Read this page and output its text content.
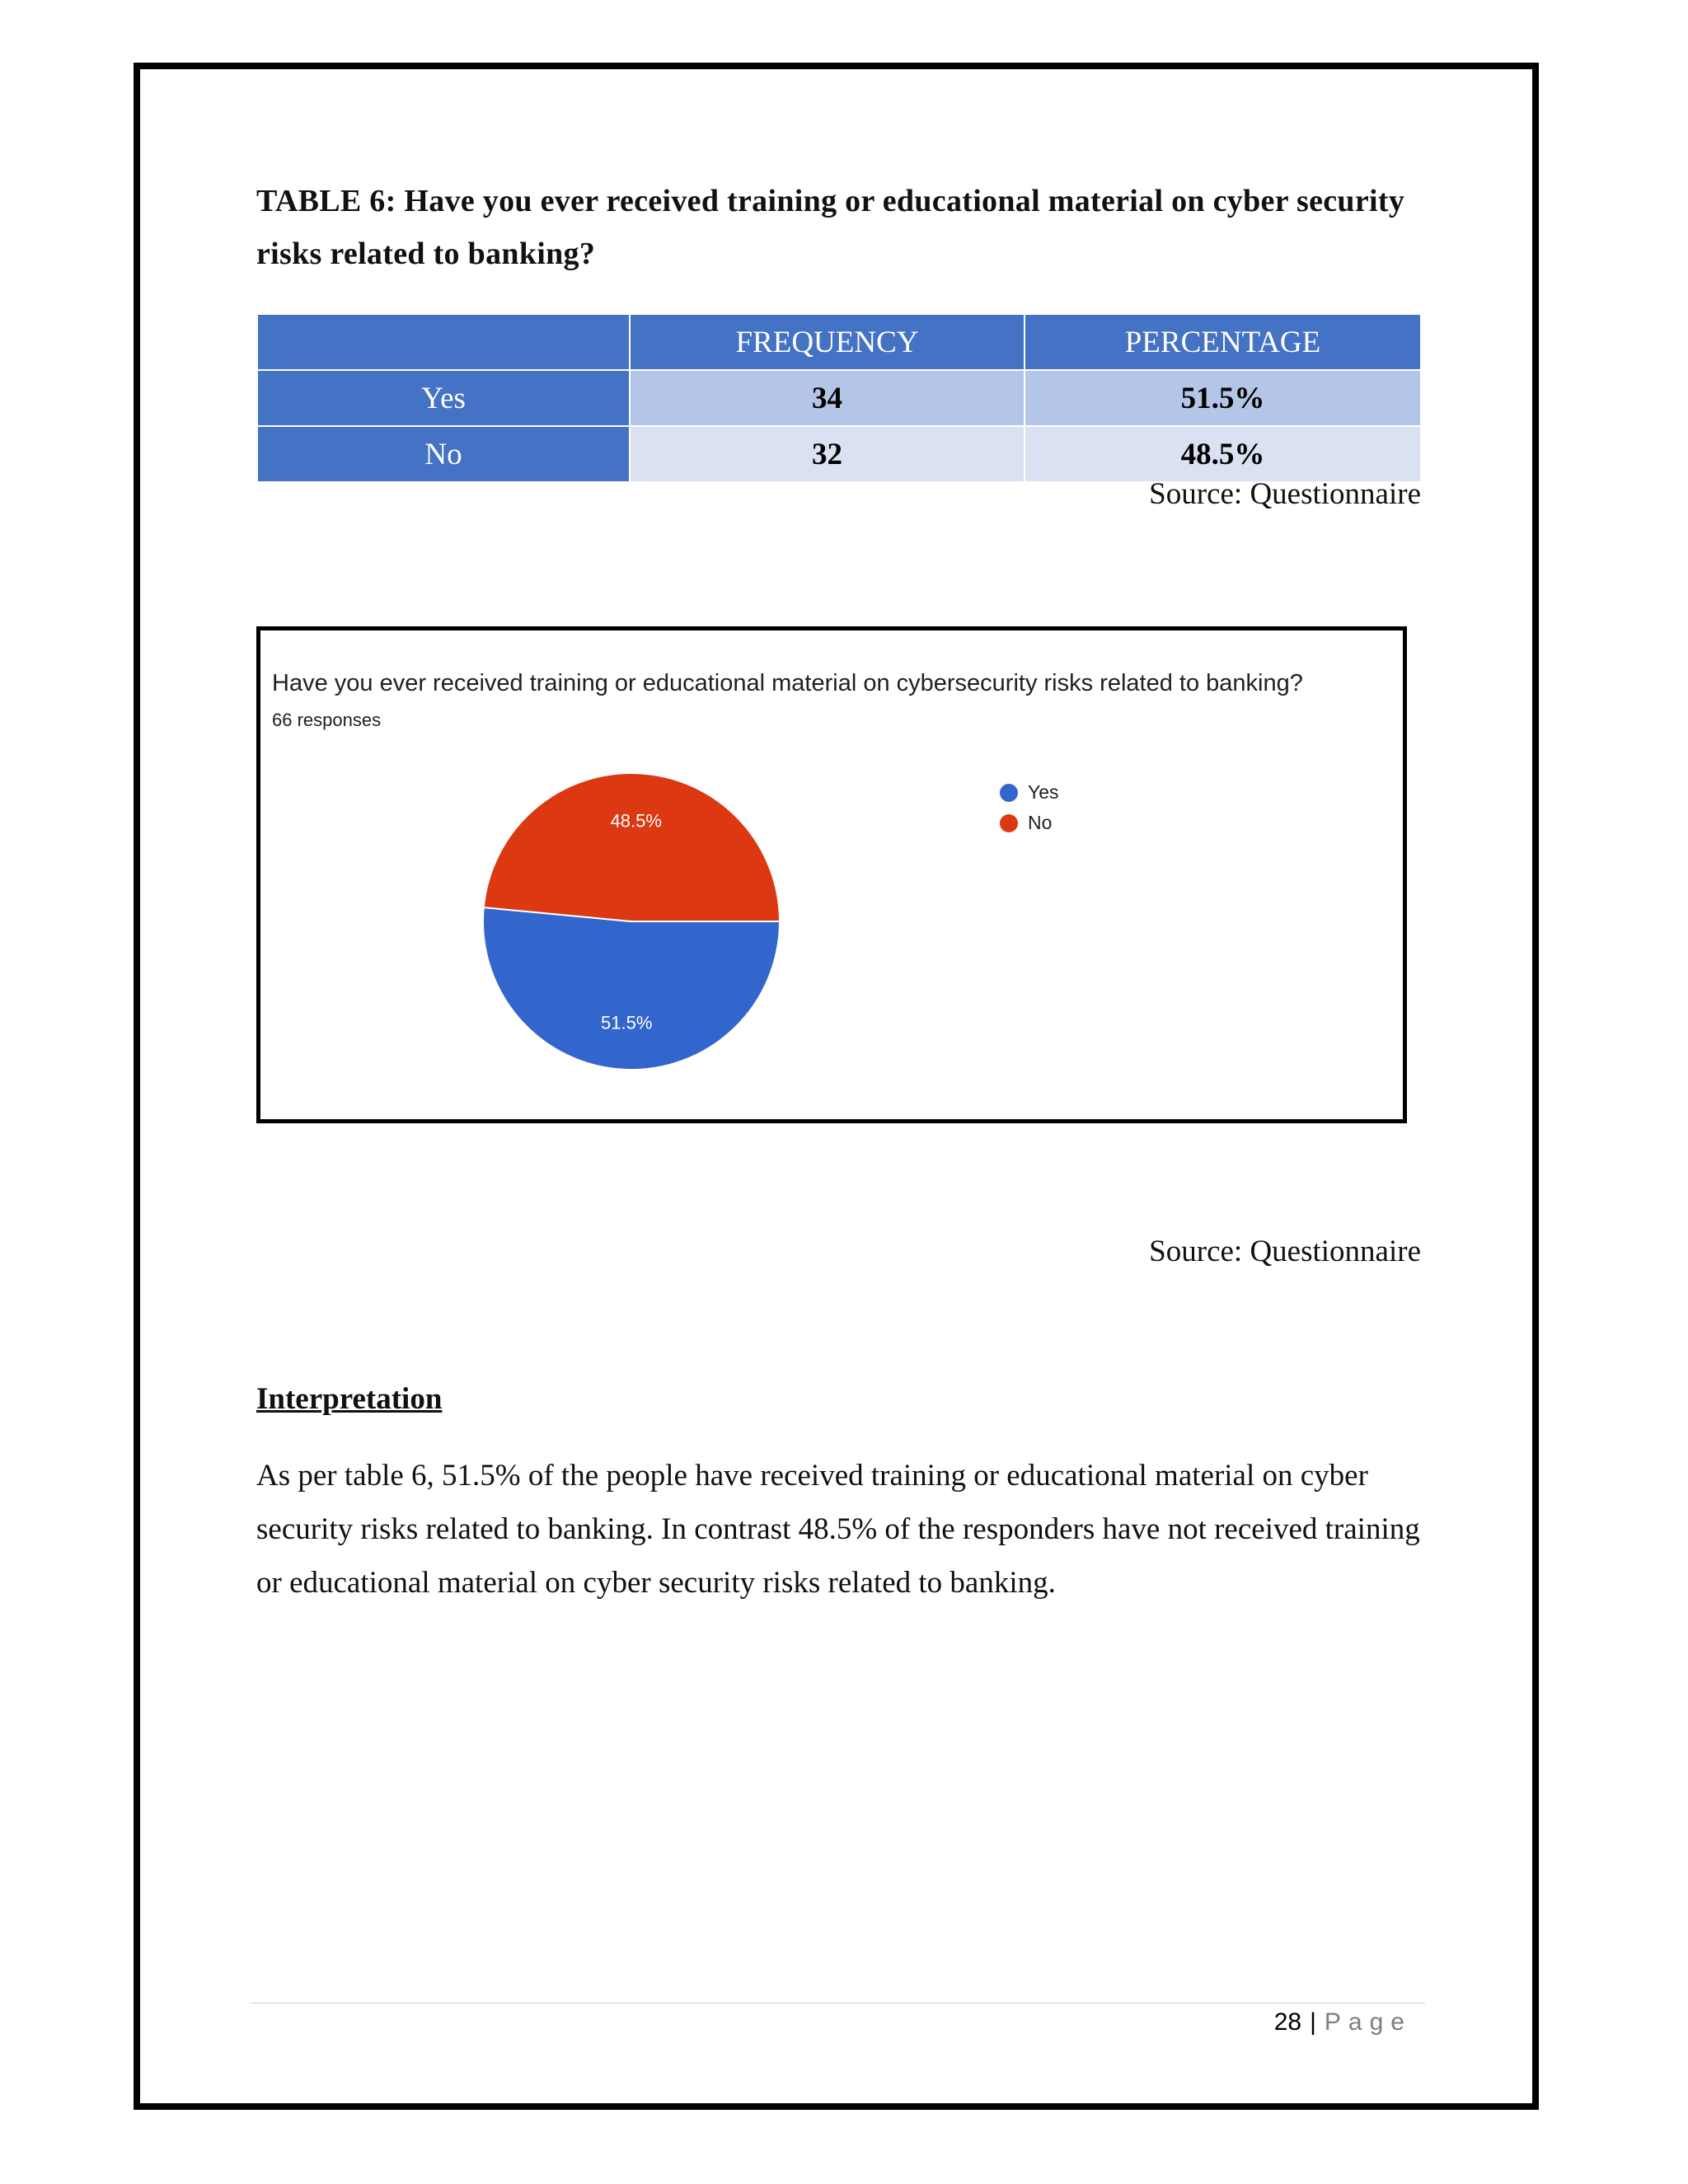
TABLE 6: Have you ever received training or educational material on cyber security risks related to banking?

	FREQUENCY	PERCENTAGE
Yes	34	51.5%
No	32	48.5%
Source: Questionnaire
Have you ever received training or educational material on cybersecurity risks related to banking?
66 responses
51.5%
48.5%
Yes
No
Source: Questionnaire
Interpretation

As per table 6, 51.5% of the people have received training or educational material on cyber security risks related to banking. In contrast 48.5% of the responders have not received training or educational material on cyber security risks related to banking.

28 | Page
